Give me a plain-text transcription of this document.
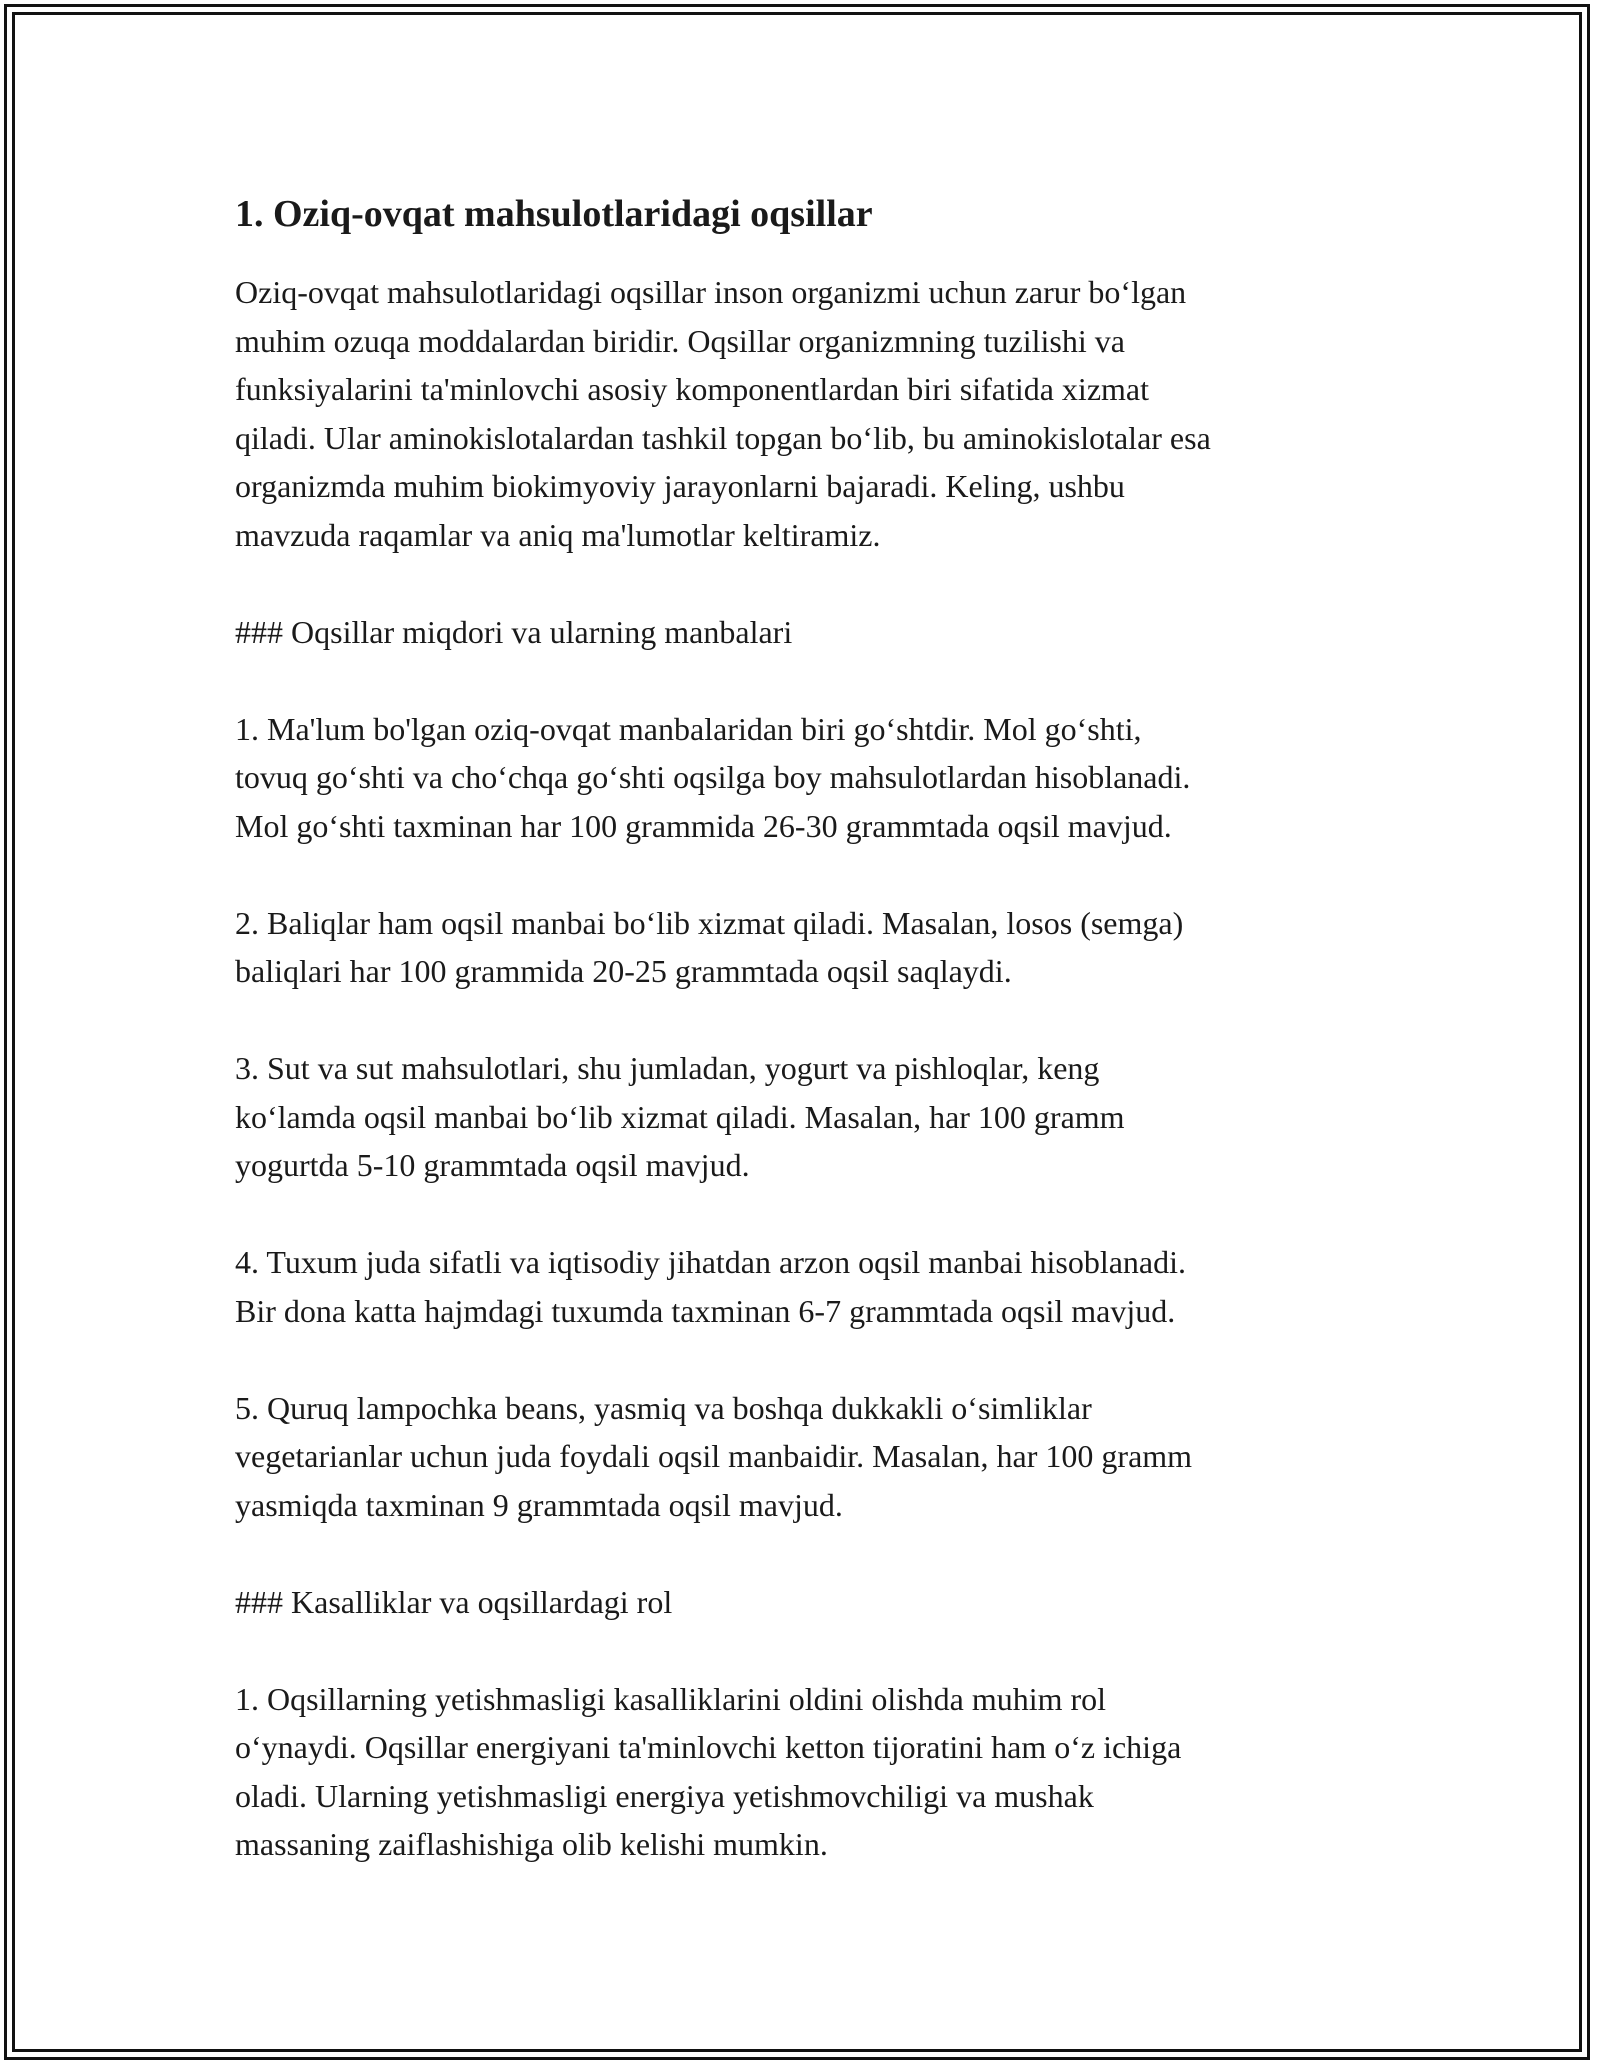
1. Oziq-ovqat mahsulotlaridagi oqsillar

Oziq-ovqat mahsulotlaridagi oqsillar inson organizmi uchun zarur bo‘lgan
muhim ozuqa moddalardan biridir. Oqsillar organizmning tuzilishi va
funksiyalarini ta'minlovchi asosiy komponentlardan biri sifatida xizmat
qiladi. Ular aminokislotalardan tashkil topgan bo‘lib, bu aminokislotalar esa
organizmda muhim biokimyoviy jarayonlarni bajaradi. Keling, ushbu
mavzuda raqamlar va aniq ma'lumotlar keltiramiz.

### Oqsillar miqdori va ularning manbalari

1. Ma'lum bo'lgan oziq-ovqat manbalaridan biri go‘shtdir. Mol go‘shti,
tovuq go‘shti va cho‘chqa go‘shti oqsilga boy mahsulotlardan hisoblanadi.
Mol go‘shti taxminan har 100 grammida 26-30 grammtada oqsil mavjud.

2. Baliqlar ham oqsil manbai bo‘lib xizmat qiladi. Masalan, losos (semga)
baliqlari har 100 grammida 20-25 grammtada oqsil saqlaydi.

3. Sut va sut mahsulotlari, shu jumladan, yogurt va pishloqlar, keng
ko‘lamda oqsil manbai bo‘lib xizmat qiladi. Masalan, har 100 gramm
yogurtda 5-10 grammtada oqsil mavjud.

4. Tuxum juda sifatli va iqtisodiy jihatdan arzon oqsil manbai hisoblanadi.
Bir dona katta hajmdagi tuxumda taxminan 6-7 grammtada oqsil mavjud.

5. Quruq lampochka beans, yasmiq va boshqa dukkakli o‘simliklar
vegetarianlar uchun juda foydali oqsil manbaidir. Masalan, har 100 gramm
yasmiqda taxminan 9 grammtada oqsil mavjud.

### Kasalliklar va oqsillardagi rol

1. Oqsillarning yetishmasligi kasalliklarini oldini olishda muhim rol
o‘ynaydi. Oqsillar energiyani ta'minlovchi ketton tijoratini ham o‘z ichiga
oladi. Ularning yetishmasligi energiya yetishmovchiligi va mushak
massaning zaiflashishiga olib kelishi mumkin.
